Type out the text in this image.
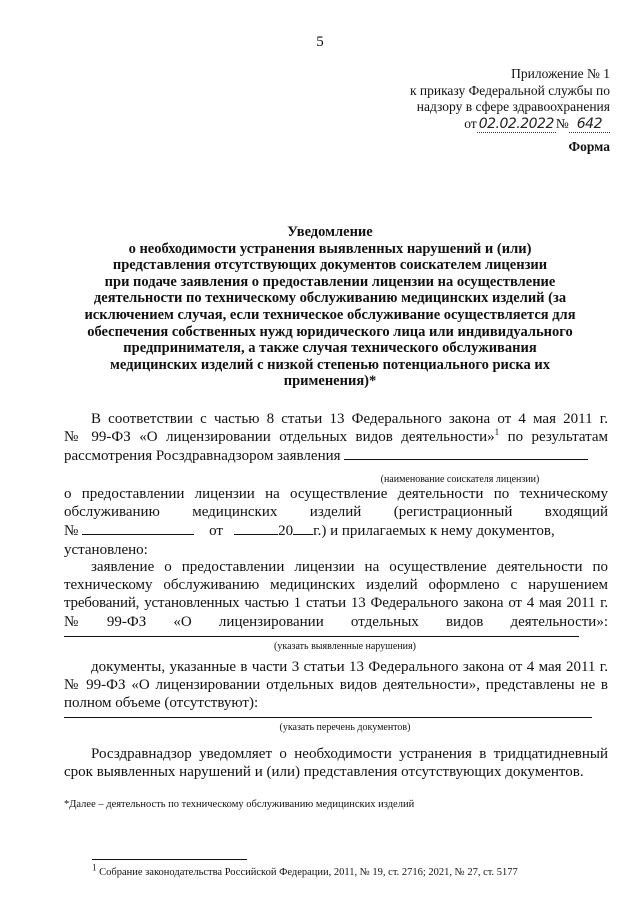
5
Приложение № 1
к приказу Федеральной службы по
надзору в сфере здравоохранения
от 02.02.2022 № 642
Форма
Уведомление
о необходимости устранения выявленных нарушений и (или)
представления отсутствующих документов соискателем лицензии
при подаче заявления о предоставлении лицензии на осуществление
деятельности по техническому обслуживанию медицинских изделий (за
исключением случая, если техническое обслуживание осуществляется для
обеспечения собственных нужд юридического лица или индивидуального
предпринимателя, а также случая технического обслуживания
медицинских изделий с низкой степенью потенциального риска их
применения)*
В соответствии с частью 8 статьи 13 Федерального закона от 4 мая 2011 г.
№ 99-ФЗ «О лицензировании отдельных видов деятельности»$^1$ по результатам
рассмотрения Росздравнадзором заявления
(наименование соискателя лицензии)
о предоставлении лицензии на осуществление деятельности по техническому
обслуживанию медицинских изделий (регистрационный входящий
№	от	20 г.) и прилагаемых к нему документов,
установлено:
заявление о предоставлении лицензии на осуществление деятельности по
техническому обслуживанию медицинских изделий оформлено с нарушением
требований, установленных частью 1 статьи 13 Федерального закона от 4 мая 2011 г.
№ 99-ФЗ «О лицензировании отдельных видов деятельности»:
(указать выявленные нарушения)
документы, указанные в части 3 статьи 13 Федерального закона от 4 мая 2011 г.
№ 99-ФЗ «О лицензировании отдельных видов деятельности», представлены не в
полном объеме (отсутствуют):
(указать перечень документов)
Росздравнадзор уведомляет о необходимости устранения в тридцатидневный
срок выявленных нарушений и (или) представления отсутствующих документов.
*Далее – деятельность по техническому обслуживанию медицинских изделий
$^1$ Собрание законодательства Российской Федерации, 2011, № 19, ст. 2716; 2021, № 27, ст. 5177
